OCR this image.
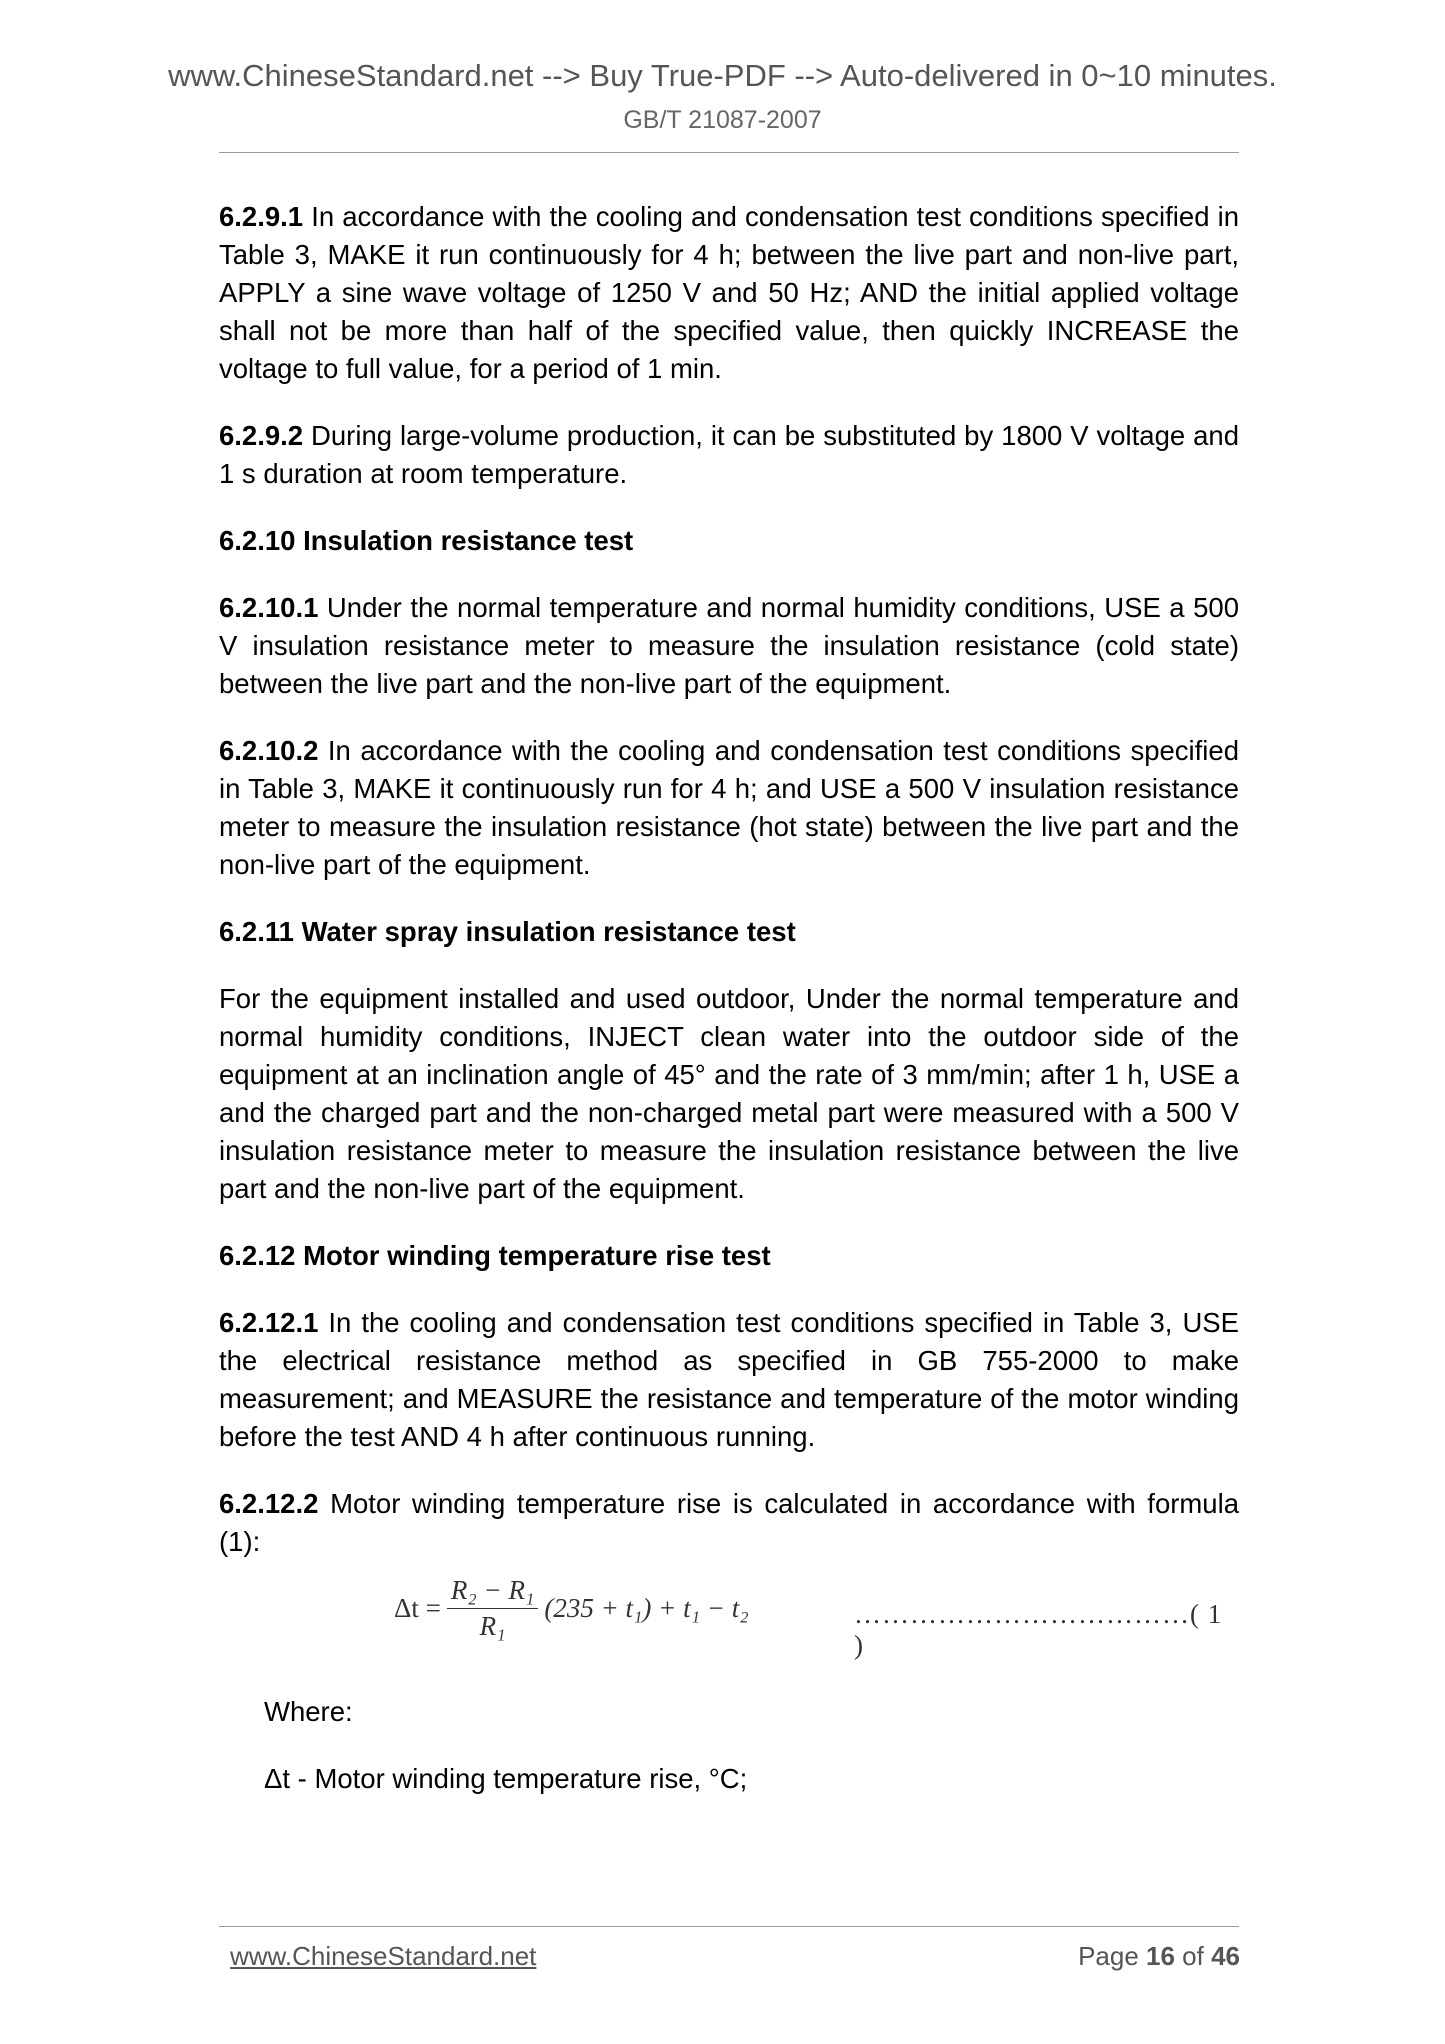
www.ChineseStandard.net --> Buy True-PDF --> Auto-delivered in 0~10 minutes.
GB/T 21087-2007

6.2.9.1 In accordance with the cooling and condensation test conditions specified in Table 3, MAKE it run continuously for 4 h; between the live part and non-live part, APPLY a sine wave voltage of 1250 V and 50 Hz; AND the initial applied voltage shall not be more than half of the specified value, then quickly INCREASE the voltage to full value, for a period of 1 min.

6.2.9.2 During large-volume production, it can be substituted by 1800 V voltage and 1 s duration at room temperature.

6.2.10 Insulation resistance test

6.2.10.1 Under the normal temperature and normal humidity conditions, USE a 500 V insulation resistance meter to measure the insulation resistance (cold state) between the live part and the non-live part of the equipment.

6.2.10.2 In accordance with the cooling and condensation test conditions specified in Table 3, MAKE it continuously run for 4 h; and USE a 500 V insulation resistance meter to measure the insulation resistance (hot state) between the live part and the non-live part of the equipment.

6.2.11 Water spray insulation resistance test

For the equipment installed and used outdoor, Under the normal temperature and normal humidity conditions, INJECT clean water into the outdoor side of the equipment at an inclination angle of 45° and the rate of 3 mm/min; after 1 h, USE a and the charged part and the non-charged metal part were measured with a 500 V insulation resistance meter to measure the insulation resistance between the live part and the non-live part of the equipment.

6.2.12 Motor winding temperature rise test

6.2.12.1 In the cooling and condensation test conditions specified in Table 3, USE the electrical resistance method as specified in GB 755-2000 to make measurement; and MEASURE the resistance and temperature of the motor winding before the test AND 4 h after continuous running.

6.2.12.2 Motor winding temperature rise is calculated in accordance with formula (1):

$\Delta t = \frac{\text{R₂ − R₁}}{\text{R₁}} (235 + t_1) + t_1 - t_2$	………………………………( 1 )

Where:

Δt - Motor winding temperature rise, °C;

www.ChineseStandard.net	Page 16 of 46
